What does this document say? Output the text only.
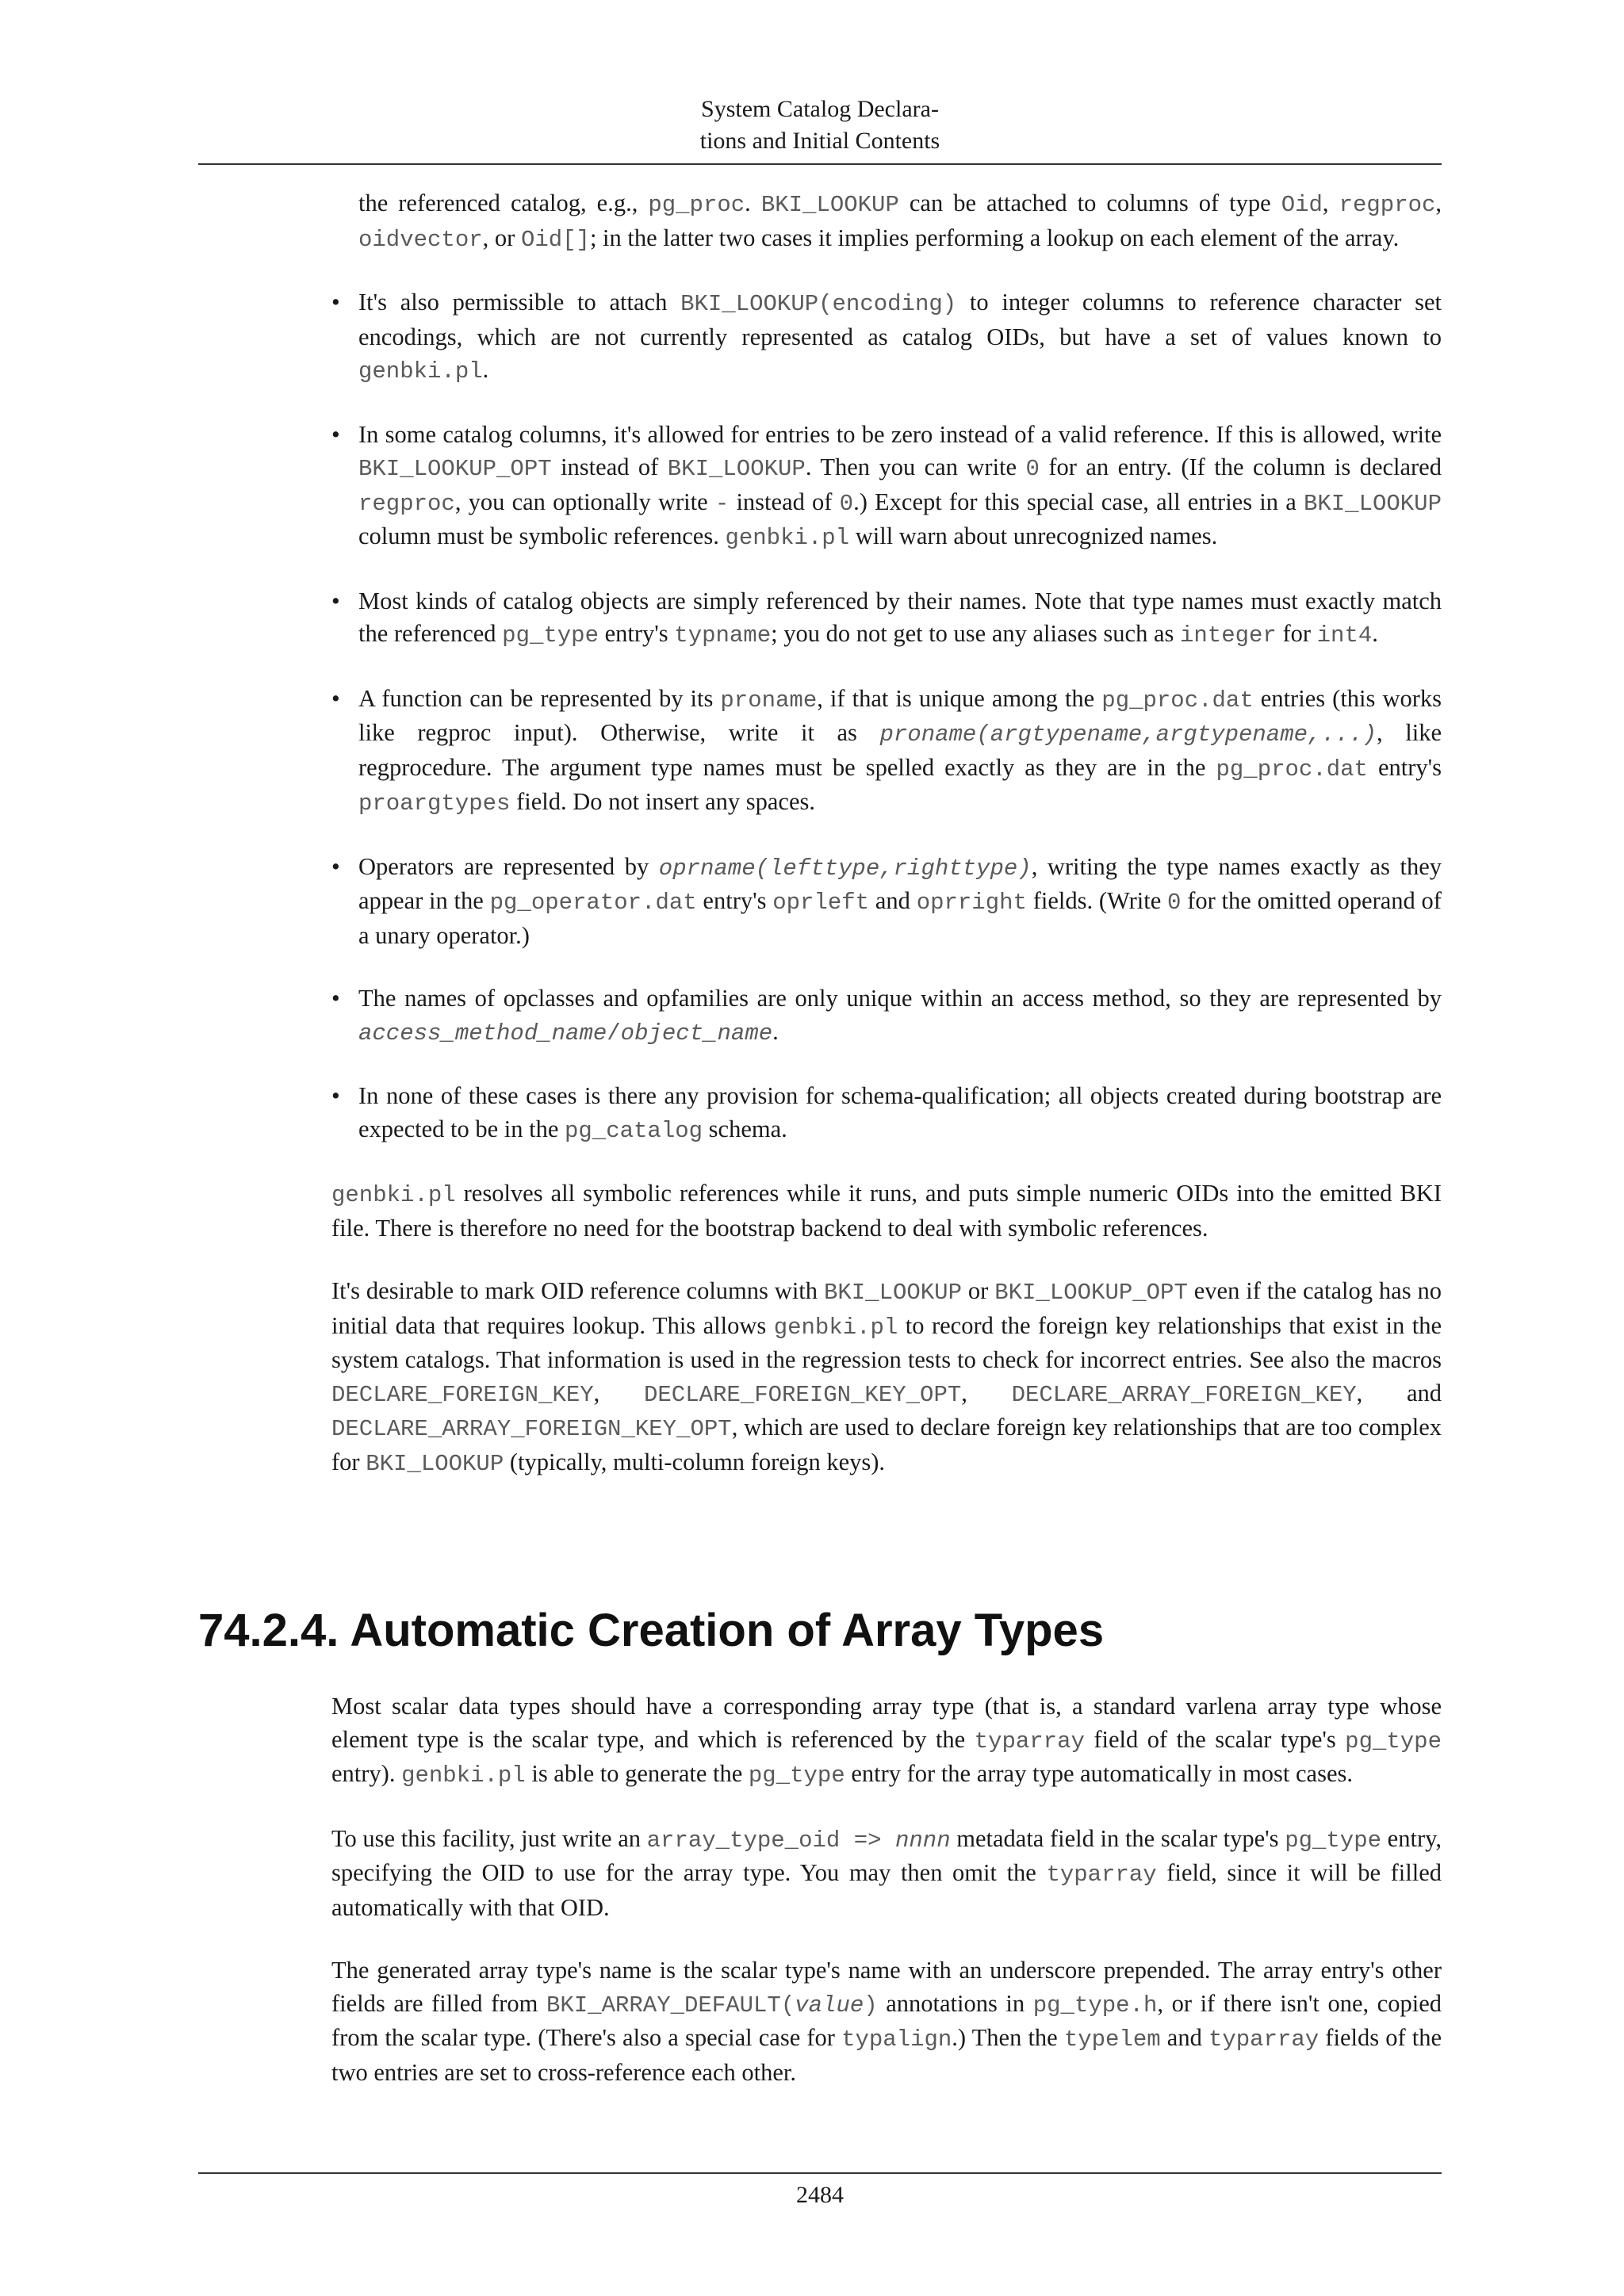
System Catalog Declara-
tions and Initial Contents

the referenced catalog, e.g., pg_proc. BKI_LOOKUP can be attached to columns of type Oid, regproc, oidvector, or Oid[]; in the latter two cases it implies performing a lookup on each element of the array.

• It's also permissible to attach BKI_LOOKUP(encoding) to integer columns to reference character set encodings, which are not currently represented as catalog OIDs, but have a set of values known to genbki.pl.
• In some catalog columns, it's allowed for entries to be zero instead of a valid reference. If this is allowed, write BKI_LOOKUP_OPT instead of BKI_LOOKUP. Then you can write 0 for an entry. (If the column is declared regproc, you can optionally write - instead of 0.) Except for this special case, all entries in a BKI_LOOKUP column must be symbolic references. genbki.pl will warn about unrecognized names.
• Most kinds of catalog objects are simply referenced by their names. Note that type names must exactly match the referenced pg_type entry's typname; you do not get to use any aliases such as integer for int4.
• A function can be represented by its proname, if that is unique among the pg_proc.dat entries (this works like regproc input). Otherwise, write it as proname(argtypename,argtypename,...), like regprocedure. The argument type names must be spelled exactly as they are in the pg_proc.dat entry's proargtypes field. Do not insert any spaces.
• Operators are represented by oprname(lefttype,righttype), writing the type names exactly as they appear in the pg_operator.dat entry's oprleft and oprright fields. (Write 0 for the omitted operand of a unary operator.)
• The names of opclasses and opfamilies are only unique within an access method, so they are represented by access_method_name/object_name.
• In none of these cases is there any provision for schema-qualification; all objects created during bootstrap are expected to be in the pg_catalog schema.

genbki.pl resolves all symbolic references while it runs, and puts simple numeric OIDs into the emitted BKI file. There is therefore no need for the bootstrap backend to deal with symbolic references.

It's desirable to mark OID reference columns with BKI_LOOKUP or BKI_LOOKUP_OPT even if the catalog has no initial data that requires lookup. This allows genbki.pl to record the foreign key relationships that exist in the system catalogs. That information is used in the regression tests to check for incorrect entries. See also the macros DECLARE_FOREIGN_KEY, DECLARE_FOREIGN_KEY_OPT, DECLARE_ARRAY_FOREIGN_KEY, and DECLARE_ARRAY_FOREIGN_KEY_OPT, which are used to declare foreign key relationships that are too complex for BKI_LOOKUP (typically, multi-column foreign keys).

74.2.4. Automatic Creation of Array Types

Most scalar data types should have a corresponding array type (that is, a standard varlena array type whose element type is the scalar type, and which is referenced by the typarray field of the scalar type's pg_type entry). genbki.pl is able to generate the pg_type entry for the array type automatically in most cases.

To use this facility, just write an array_type_oid => nnnn metadata field in the scalar type's pg_type entry, specifying the OID to use for the array type. You may then omit the typarray field, since it will be filled automatically with that OID.

The generated array type's name is the scalar type's name with an underscore prepended. The array entry's other fields are filled from BKI_ARRAY_DEFAULT(value) annotations in pg_type.h, or if there isn't one, copied from the scalar type. (There's also a special case for typalign.) Then the typelem and typarray fields of the two entries are set to cross-reference each other.

2484
